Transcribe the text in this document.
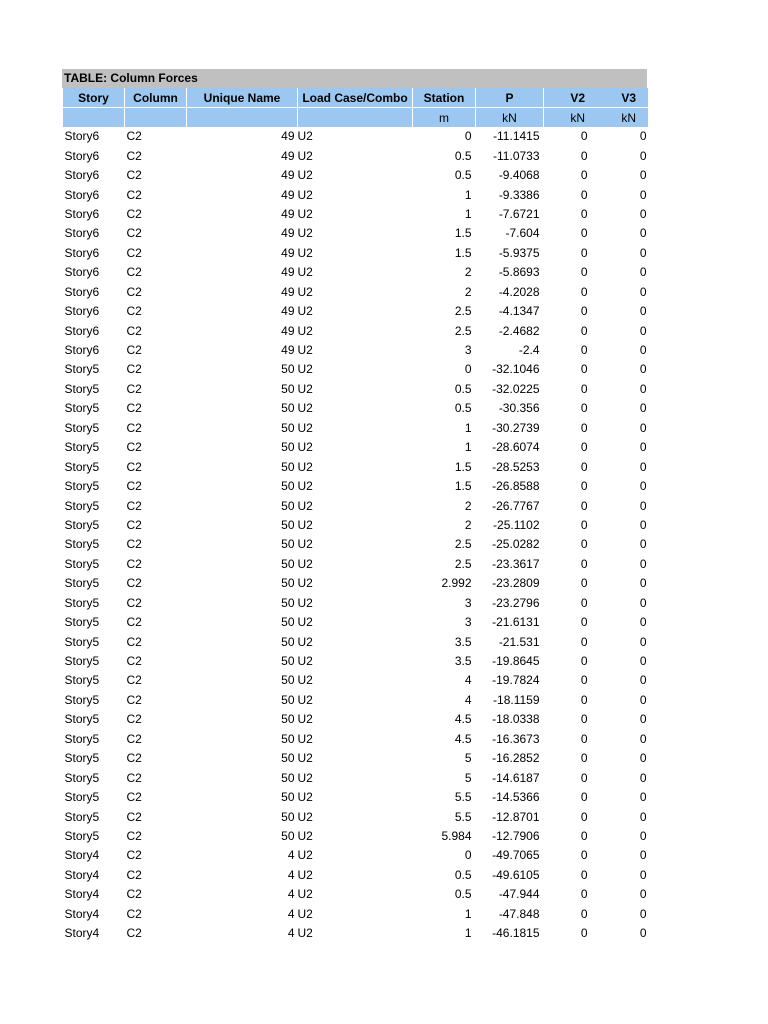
TABLE: Column Forces
Story	Column	Unique Name	Load Case/Combo	Station	P	V2 V3
				m	kN	kN kN
Story6	C2	49	U2	0	-11.1415	0 0
Story6	C2	49	U2	0.5	-11.0733	0 0
Story6	C2	49	U2	0.5	-9.4068	0 0
Story6	C2	49	U2	1	-9.3386	0 0
Story6	C2	49	U2	1	-7.6721	0 0
Story6	C2	49	U2	1.5	-7.604	0 0
Story6	C2	49	U2	1.5	-5.9375	0 0
Story6	C2	49	U2	2	-5.8693	0 0
Story6	C2	49	U2	2	-4.2028	0 0
Story6	C2	49	U2	2.5	-4.1347	0 0
Story6	C2	49	U2	2.5	-2.4682	0 0
Story6	C2	49	U2	3	-2.4	0 0
Story5	C2	50	U2	0	-32.1046	0 0
Story5	C2	50	U2	0.5	-32.0225	0 0
Story5	C2	50	U2	0.5	-30.356	0 0
Story5	C2	50	U2	1	-30.2739	0 0
Story5	C2	50	U2	1	-28.6074	0 0
Story5	C2	50	U2	1.5	-28.5253	0 0
Story5	C2	50	U2	1.5	-26.8588	0 0
Story5	C2	50	U2	2	-26.7767	0 0
Story5	C2	50	U2	2	-25.1102	0 0
Story5	C2	50	U2	2.5	-25.0282	0 0
Story5	C2	50	U2	2.5	-23.3617	0 0
Story5	C2	50	U2	2.992	-23.2809	0 0
Story5	C2	50	U2	3	-23.2796	0 0
Story5	C2	50	U2	3	-21.6131	0 0
Story5	C2	50	U2	3.5	-21.531	0 0
Story5	C2	50	U2	3.5	-19.8645	0 0
Story5	C2	50	U2	4	-19.7824	0 0
Story5	C2	50	U2	4	-18.1159	0 0
Story5	C2	50	U2	4.5	-18.0338	0 0
Story5	C2	50	U2	4.5	-16.3673	0 0
Story5	C2	50	U2	5	-16.2852	0 0
Story5	C2	50	U2	5	-14.6187	0 0
Story5	C2	50	U2	5.5	-14.5366	0 0
Story5	C2	50	U2	5.5	-12.8701	0 0
Story5	C2	50	U2	5.984	-12.7906	0 0
Story4	C2	4	U2	0	-49.7065	0 0
Story4	C2	4	U2	0.5	-49.6105	0 0
Story4	C2	4	U2	0.5	-47.944	0 0
Story4	C2	4	U2	1	-47.848	0 0
Story4	C2	4	U2	1	-46.1815	0 0
